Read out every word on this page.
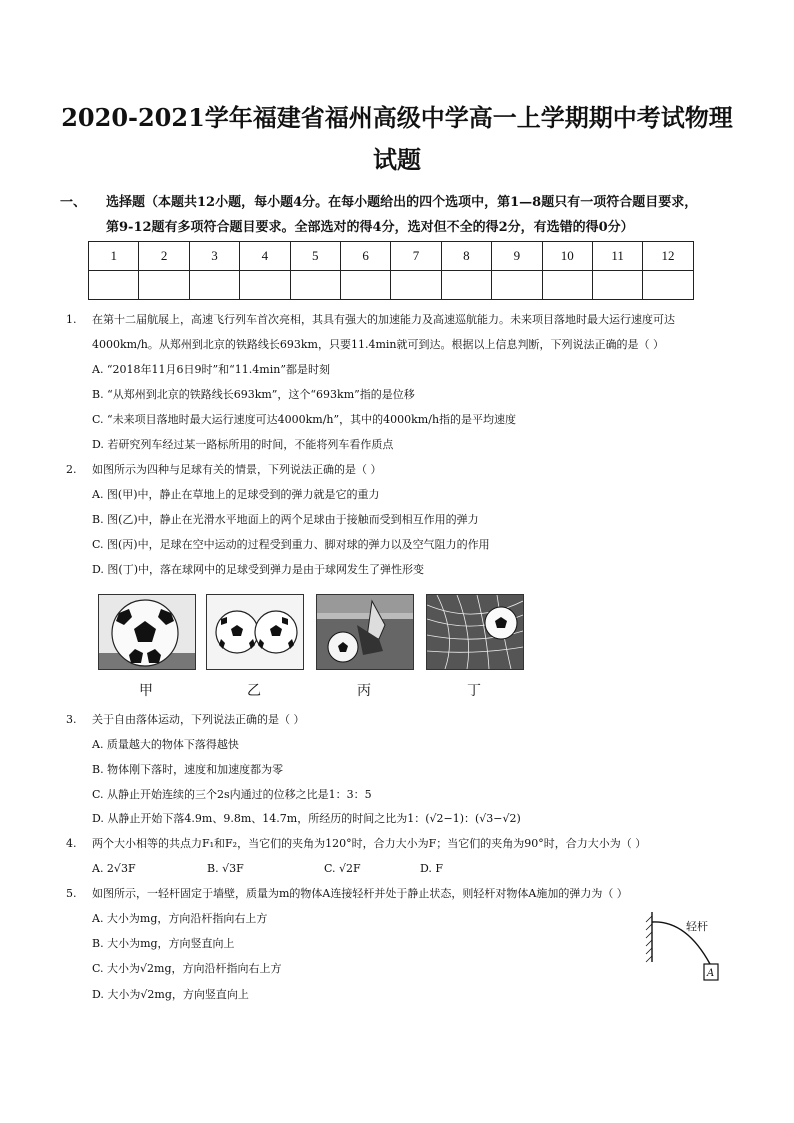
2020-2021学年福建省福州高级中学高一上学期期中考试物理
试题
一、 选择题（本题共12小题，每小题4分。在每小题给出的四个选项中，第1—8题只有一项符合题目要求，
第9-12题有多项符合题目要求。全部选对的得4分，选对但不全的得2分，有选错的得0分）
1	2	3	4	5	6	7	8	9	10	11	12

1. 在第十二届航展上，高速飞行列车首次亮相，其具有强大的加速能力及高速巡航能力。未来项目落地时最大运行速度可达
4000km/h。从郑州到北京的铁路线长693km，只要11.4min就可到达。根据以上信息判断，下列说法正确的是（ ）
A. “2018年11月6日9时”和“11.4min”都是时刻
B. “从郑州到北京的铁路线长693km”，这个“693km”指的是位移
C. “未来项目落地时最大运行速度可达4000km/h”，其中的4000km/h指的是平均速度
D. 若研究列车经过某一路标所用的时间，不能将列车看作质点
2. 如图所示为四种与足球有关的情景，下列说法正确的是（ ）
A. 图(甲)中，静止在草地上的足球受到的弹力就是它的重力
B. 图(乙)中，静止在光滑水平地面上的两个足球由于接触而受到相互作用的弹力
C. 图(丙)中，足球在空中运动的过程受到重力、脚对球的弹力以及空气阻力的作用
D. 图(丁)中，落在球网中的足球受到弹力是由于球网发生了弹性形变
甲	乙	丙	丁
3. 关于自由落体运动，下列说法正确的是（ ）
A. 质量越大的物体下落得越快
B. 物体刚下落时，速度和加速度都为零
C. 从静止开始连续的三个2s内通过的位移之比是1：3：5
D. 从静止开始下落4.9m、9.8m、14.7m，所经历的时间之比为1：(√2−1)：(√3−√2)
4. 两个大小相等的共点力F₁和F₂，当它们的夹角为120°时，合力大小为F；当它们的夹角为90°时，合力大小为（ ）
A. 2√3F	B. √3F	C. √2F	D. F
5. 如图所示，一轻杆固定于墙壁，质量为m的物体A连接轻杆并处于静止状态，则轻杆对物体A施加的弹力为（ ）
A. 大小为mg，方向沿杆指向右上方
B. 大小为mg，方向竖直向上
C. 大小为√2mg，方向沿杆指向右上方
D. 大小为√2mg，方向竖直向上
轻杆
A
